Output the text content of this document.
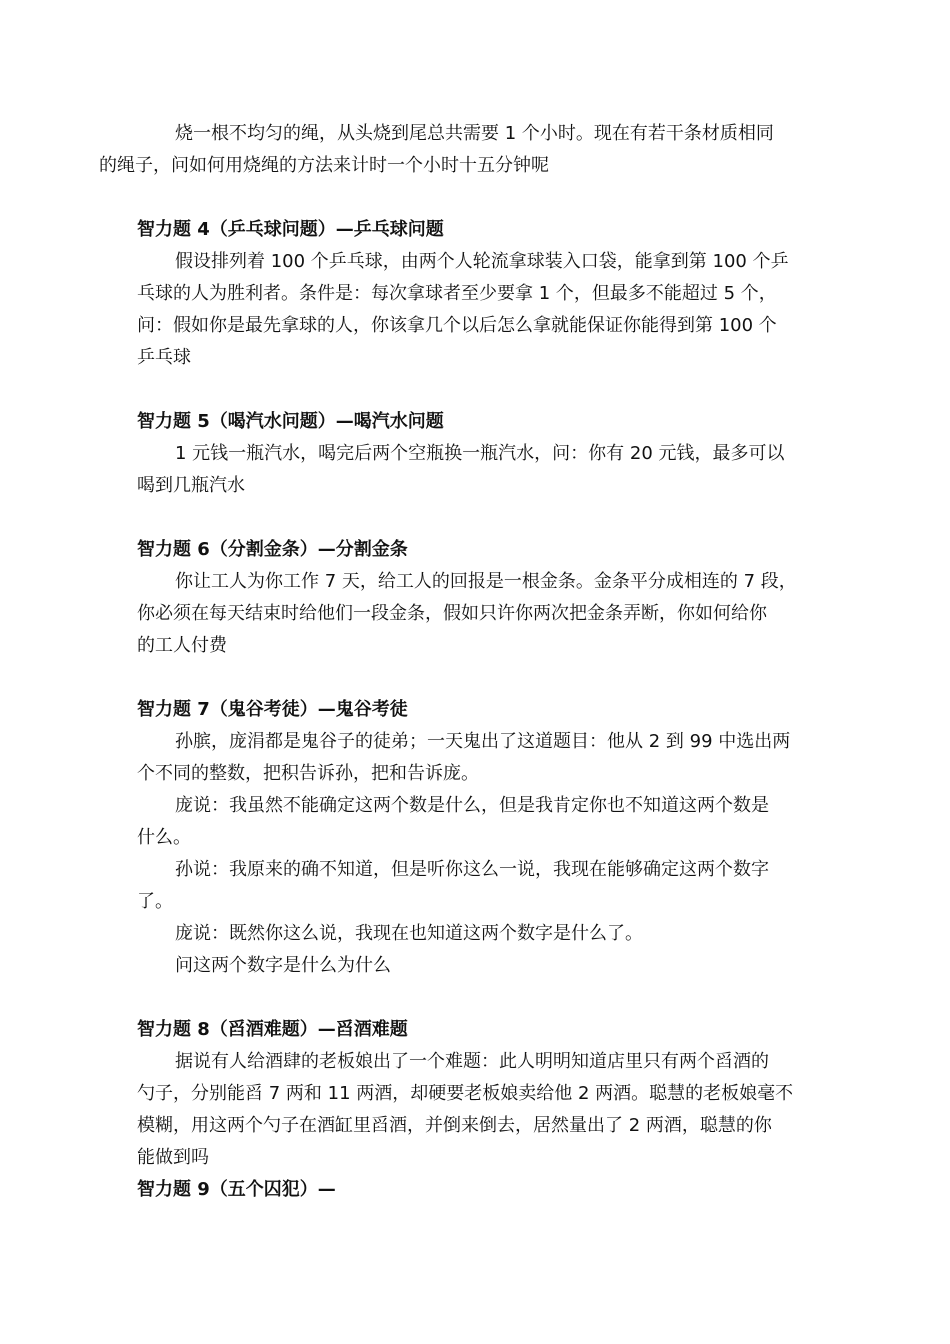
烧一根不均匀的绳，从头烧到尾总共需要 1 个小时。现在有若干条材质相同
的绳子，问如何用烧绳的方法来计时一个小时十五分钟呢

智力题 4（乒乓球问题）—乒乓球问题

假设排列着 100 个乒乓球，由两个人轮流拿球装入口袋，能拿到第 100 个乒
乓球的人为胜利者。条件是：每次拿球者至少要拿 1 个，但最多不能超过 5 个，
问：假如你是最先拿球的人，你该拿几个以后怎么拿就能保证你能得到第 100 个
乒乓球

智力题 5（喝汽水问题）—喝汽水问题

1 元钱一瓶汽水，喝完后两个空瓶换一瓶汽水，问：你有 20 元钱，最多可以
喝到几瓶汽水

智力题 6（分割金条）—分割金条

你让工人为你工作 7 天，给工人的回报是一根金条。金条平分成相连的 7 段，
你必须在每天结束时给他们一段金条，假如只许你两次把金条弄断，你如何给你
的工人付费

智力题 7（鬼谷考徒）—鬼谷考徒

孙膑，庞涓都是鬼谷子的徒弟；一天鬼出了这道题目：他从 2 到 99 中选出两
个不同的整数，把积告诉孙，把和告诉庞。

庞说：我虽然不能确定这两个数是什么，但是我肯定你也不知道这两个数是
什么。

孙说：我原来的确不知道，但是听你这么一说，我现在能够确定这两个数字
了。

庞说：既然你这么说，我现在也知道这两个数字是什么了。

问这两个数字是什么为什么

智力题 8（舀酒难题）—舀酒难题

据说有人给酒肆的老板娘出了一个难题：此人明明知道店里只有两个舀酒的
勺子，分别能舀 7 两和 11 两酒，却硬要老板娘卖给他 2 两酒。聪慧的老板娘毫不
模糊，用这两个勺子在酒缸里舀酒，并倒来倒去，居然量出了 2 两酒，聪慧的你
能做到吗

智力题 9（五个囚犯）—
